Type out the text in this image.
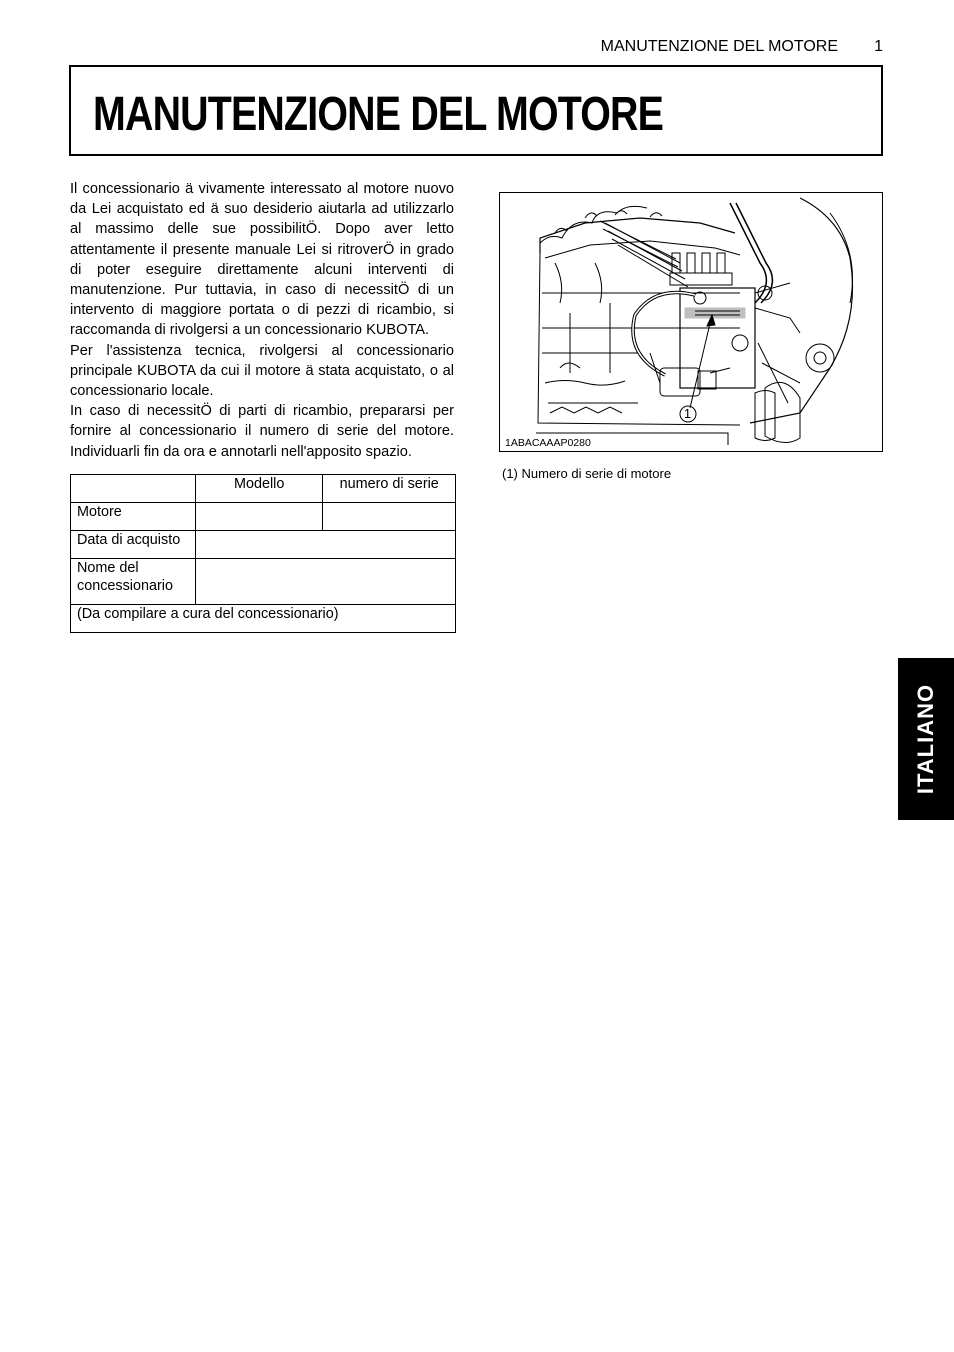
MANUTENZIONE DEL MOTORE 1
MANUTENZIONE DEL MOTORE

Il concessionario ä vivamente interessato al motore nuovo da Lei acquistato ed ä suo desiderio aiutarla ad utilizzarlo al massimo delle sue possibilitÖ. Dopo aver letto attentamente il presente manuale Lei si ritroverÖ in grado di poter eseguire direttamente alcuni interventi di manutenzione. Pur tuttavia, in caso di necessitÖ di un intervento di maggiore portata o di pezzi di ricambio, si raccomanda di rivolgersi a un concessionario KUBOTA.

Per l'assistenza tecnica, rivolgersi al concessionario principale KUBOTA da cui il motore ä stata acquistato, o al concessionario locale.

In caso di necessitÖ di parti di ricambio, prepararsi per fornire al concessionario il numero di serie del motore. Individuarli fin da ora e annotarli nell'apposito spazio.

	Modello	numero di serie
Motore		
Data di acquisto		
Nome del concessionario		
(Da compilare a cura del concessionario)		
1
1ABACAAAP0280
(1) Numero di serie di motore
ITALIANO
